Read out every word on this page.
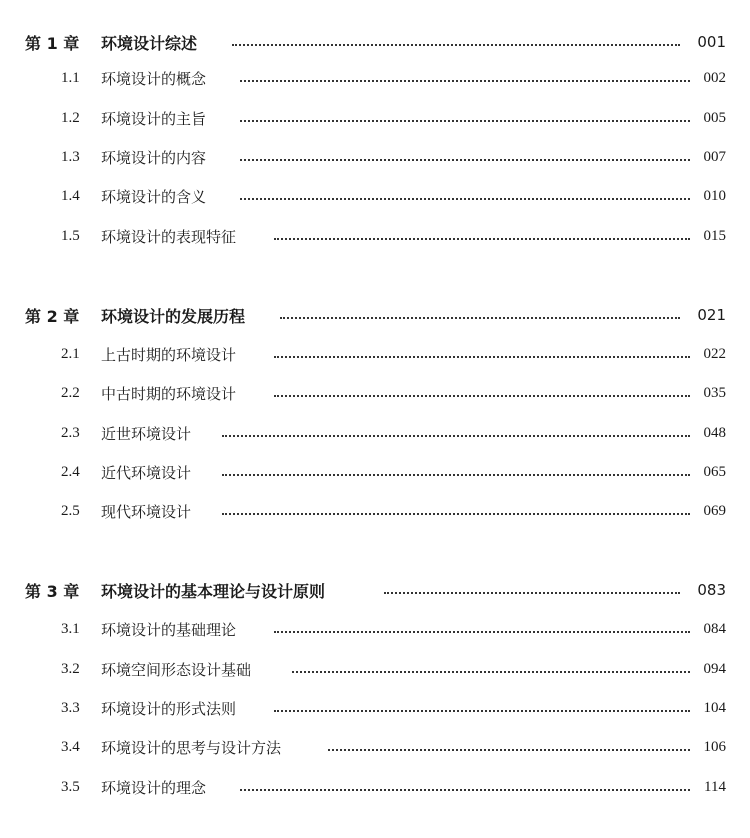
第 1 章 环境设计综述	001
1.1 环境设计的概念	002
1.2 环境设计的主旨	005
1.3 环境设计的内容	007
1.4 环境设计的含义	010
1.5 环境设计的表现特征	015
第 2 章 环境设计的发展历程	021
2.1 上古时期的环境设计	022
2.2 中古时期的环境设计	035
2.3 近世环境设计	048
2.4 近代环境设计	065
2.5 现代环境设计	069
第 3 章 环境设计的基本理论与设计原则	083
3.1 环境设计的基础理论	084
3.2 环境空间形态设计基础	094
3.3 环境设计的形式法则	104
3.4 环境设计的思考与设计方法	106
3.5 环境设计的理念	114
